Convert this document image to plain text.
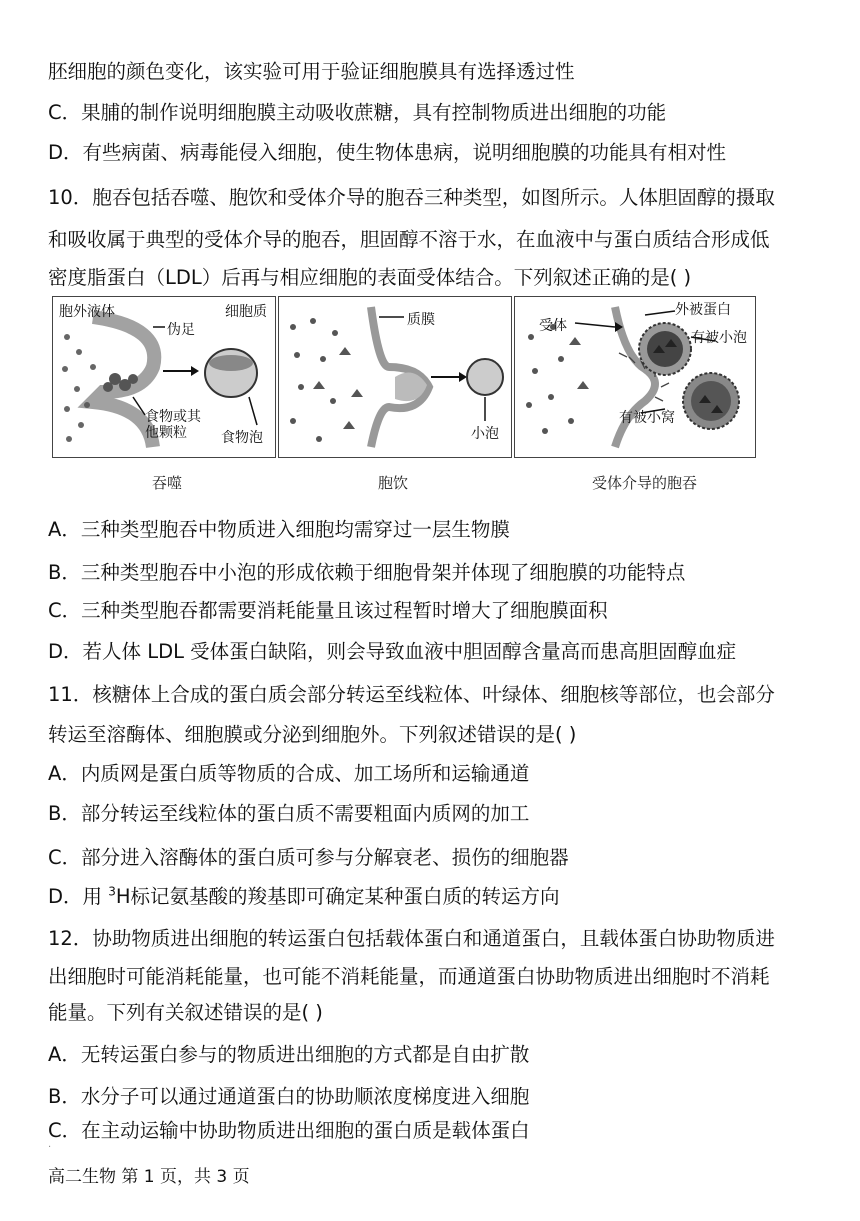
胚细胞的颜色变化，该实验可用于验证细胞膜具有选择透过性
C．果脯的制作说明细胞膜主动吸收蔗糖，具有控制物质进出细胞的功能
D．有些病菌、病毒能侵入细胞，使生物体患病，说明细胞膜的功能具有相对性
10．胞吞包括吞噬、胞饮和受体介导的胞吞三种类型，如图所示。人体胆固醇的摄取
和吸收属于典型的受体介导的胞吞，胆固醇不溶于水，在血液中与蛋白质结合形成低
密度脂蛋白（LDL）后再与相应细胞的表面受体结合。下列叙述正确的是( )
胞外液体	细胞质
伪足
食物或其他颗粒	食物泡
质膜
小泡
外被蛋白
受体
有被小泡
有被小窝
吞噬	胞饮	受体介导的胞吞
A．三种类型胞吞中物质进入细胞均需穿过一层生物膜
B．三种类型胞吞中小泡的形成依赖于细胞骨架并体现了细胞膜的功能特点
C．三种类型胞吞都需要消耗能量且该过程暂时增大了细胞膜面积
D．若人体 LDL 受体蛋白缺陷，则会导致血液中胆固醇含量高而患高胆固醇血症
11．核糖体上合成的蛋白质会部分转运至线粒体、叶绿体、细胞核等部位，也会部分
转运至溶酶体、细胞膜或分泌到细胞外。下列叙述错误的是( )
A．内质网是蛋白质等物质的合成、加工场所和运输通道
B．部分转运至线粒体的蛋白质不需要粗面内质网的加工
C．部分进入溶酶体的蛋白质可参与分解衰老、损伤的细胞器
D．用 $^3$H标记氨基酸的羧基即可确定某种蛋白质的转运方向
12．协助物质进出细胞的转运蛋白包括载体蛋白和通道蛋白，且载体蛋白协助物质进
出细胞时可能消耗能量，也可能不消耗能量，而通道蛋白协助物质进出细胞时不消耗
能量。下列有关叙述错误的是( )
A．无转运蛋白参与的物质进出细胞的方式都是自由扩散
B．水分子可以通过通道蛋白的协助顺浓度梯度进入细胞
C．在主动运输中协助物质进出细胞的蛋白质是载体蛋白
·
高二生物 第 1 页，共 3 页
